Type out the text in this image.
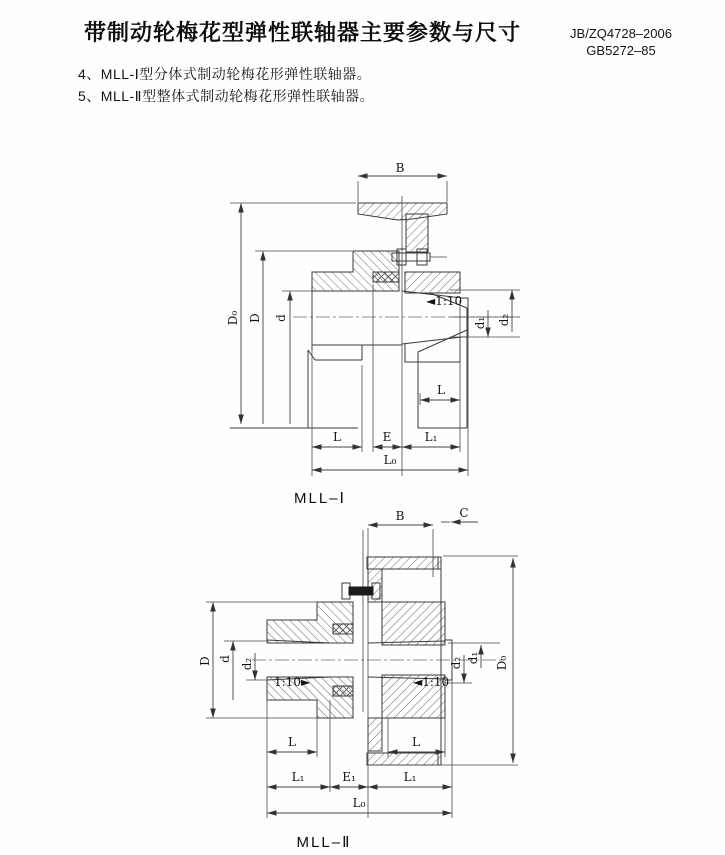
带制动轮梅花型弹性联轴器主要参数与尺寸	JB/ZQ4728–2006
GB5272–85
4、MLL-Ⅰ型分体式制动轮梅花形弹性联轴器。
5、MLL-Ⅱ型整体式制动轮梅花形弹性联轴器。
B
D₀ D d	d₁ d₂
◄1:10
L	E	L₁
L₀
L
MLL–Ⅰ
B	C
D d d₂
1:10►	◄1:10
d₂ d₁ D₀
L	L
L₁	E₁	L₁
L₀
MLL–Ⅱ
